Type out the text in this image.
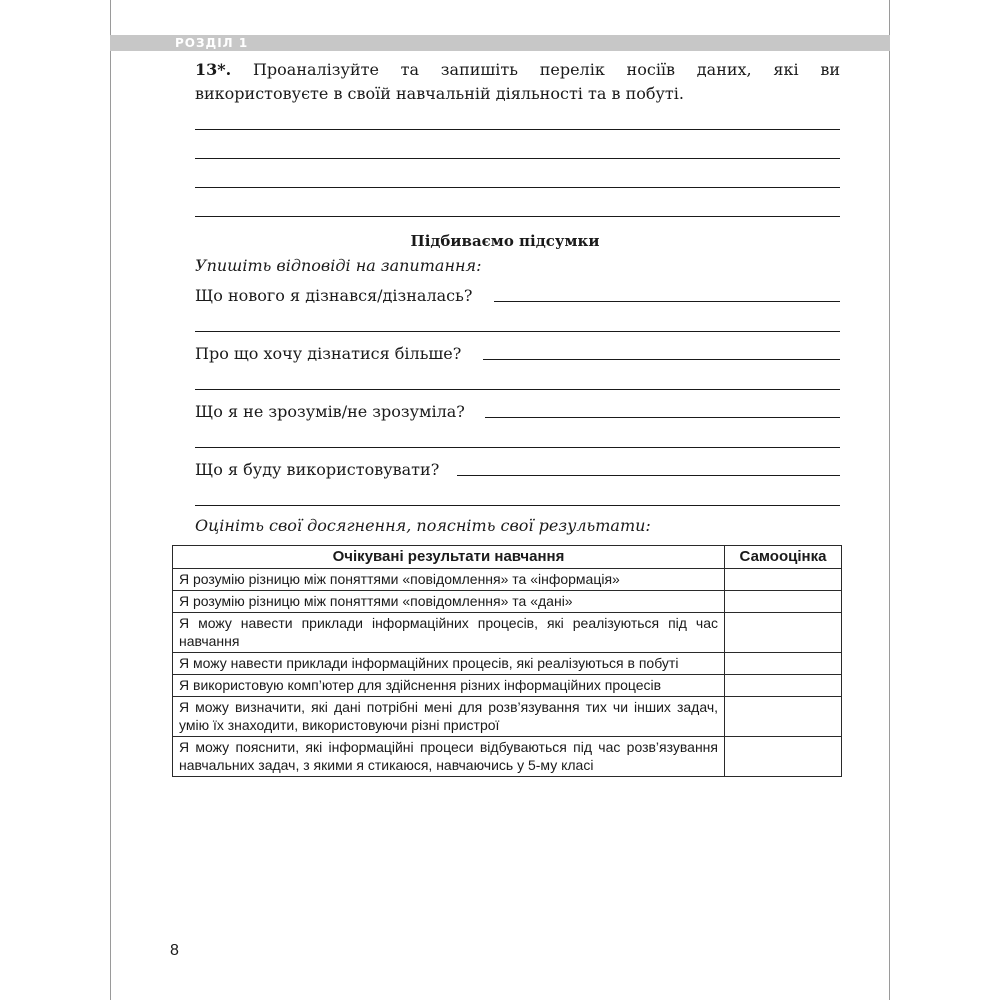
РОЗДІЛ 1
13*. Проаналізуйте та запишіть перелік носіїв даних, які ви використовуєте в своїй навчальній діяльності та в побуті.
Підбиваємо підсумки
Упишіть відповіді на запитання:
Що нового я дізнався/дізналась?
Про що хочу дізнатися більше?
Що я не зрозумів/не зрозуміла?
Що я буду використовувати?
Оцініть свої досягнення, поясніть свої результати:
Очікувані результати навчання	Самооцінка
Я розумію різницю між поняттями «повідомлення» та «інформація»	
Я розумію різницю між поняттями «повідомлення» та «дані»	
Я можу навести приклади інформаційних процесів, які реалізуються під час навчання	
Я можу навести приклади інформаційних процесів, які реалізуються в побуті	
Я використовую комп’ютер для здійснення різних інформаційних процесів	
Я можу визначити, які дані потрібні мені для розв’язування тих чи інших задач, умію їх знаходити, використовуючи різні пристрої	
Я можу пояснити, які інформаційні процеси відбуваються під час розв’язування навчальних задач, з якими я стикаюся, навчаючись у 5-му класі	
8
